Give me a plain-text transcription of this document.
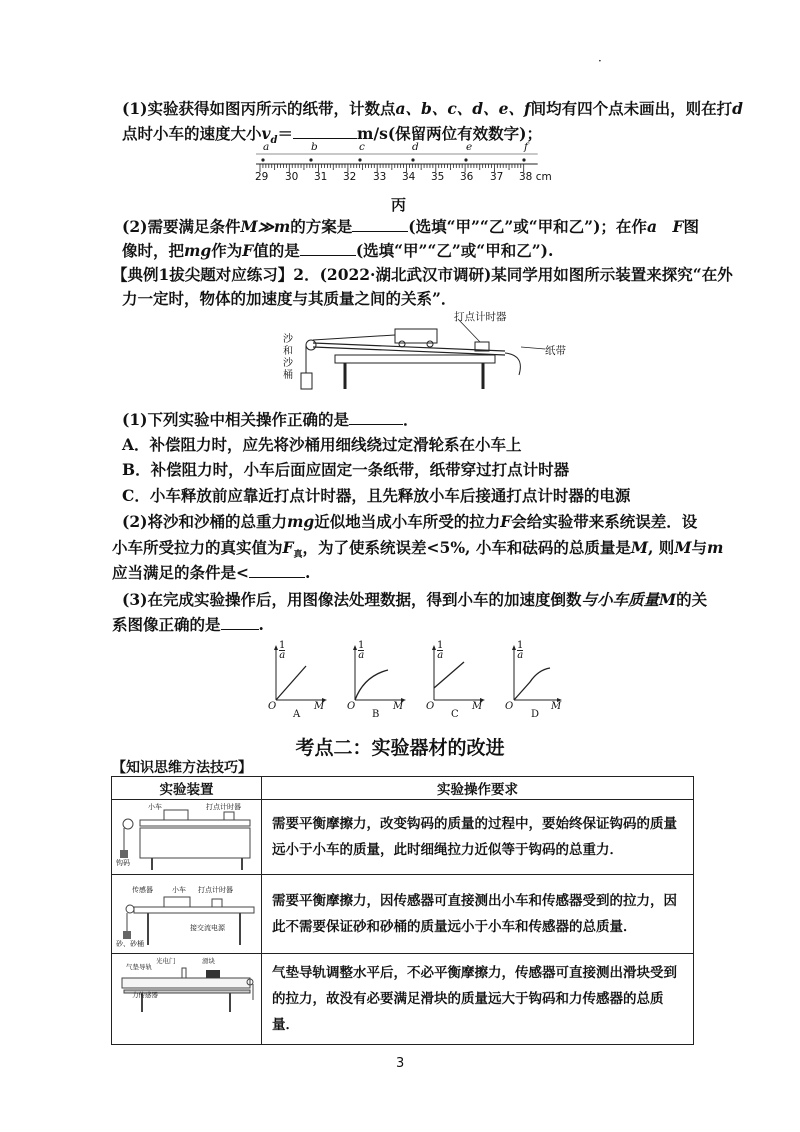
·
(1)实验获得如图丙所示的纸带，计数点a、b、c、d、e、f间均有四个点未画出，则在打d
点时小车的速度大小$v_d=$	m/s(保留两位有效数字)；
a	b	c	d	e	f
29 30 31 32 33 34 35 36 37 38 cm
丙
(2)需要满足条件M≫m的方案是	(选填“甲”“乙”或“甲和乙”)；在作a　F图
像时，把mg作为F值的是	(选填“甲”“乙”或“甲和乙”).
【典例1拔尖题对应练习】2．(2022·湖北武汉市调研)某同学用如图所示装置来探究“在外
力一定时，物体的加速度与其质量之间的关系”．
打点计时器
纸带
沙
和
沙
桶
(1)下列实验中相关操作正确的是	．
A．补偿阻力时，应先将沙桶用细线绕过定滑轮系在小车上
B．补偿阻力时，小车后面应固定一条纸带，纸带穿过打点计时器
C．小车释放前应靠近打点计时器，且先释放小车后接通打点计时器的电源
(2)将沙和沙桶的总重力mg近似地当成小车所受的拉力F会给实验带来系统误差．设
小车所受拉力的真实值为$F_真$，为了使系统误差<5%, 小车和砝码的总质量是M, 则M与m
应当满足的条件是<	.
(3)在完成实验操作后，用图像法处理数据，得到小车的加速度倒数与小车质量M的关
系图像正确的是 .
$\frac{1}{a}$	$\frac{1}{a}$	$\frac{1}{a}$	$\frac{1}{a}$
O	O	O	O
M	M	M	M
A	B	C	D
考点二：实验器材的改进
【知识思维方法技巧】
实验装置	实验操作要求

小车 打点计时器
钩码	需要平衡摩擦力，改变钩码的质量的过程中，要始终保证钩码的质量远小于小车的质量，此时细绳拉力近似等于钩码的总重力．

传感器 小车 打点计时器
接交流电源
砂、砂桶	需要平衡摩擦力，因传感器可直接测出小车和传感器受到的拉力，因此不需要保证砂和砂桶的质量远小于小车和传感器的总质量．

光电门
气垫导轨
滑块
力传感器	气垫导轨调整水平后，不必平衡摩擦力，传感器可直接测出滑块受到的拉力，故没有必要满足滑块的质量远大于钩码和力传感器的总质量．
3
